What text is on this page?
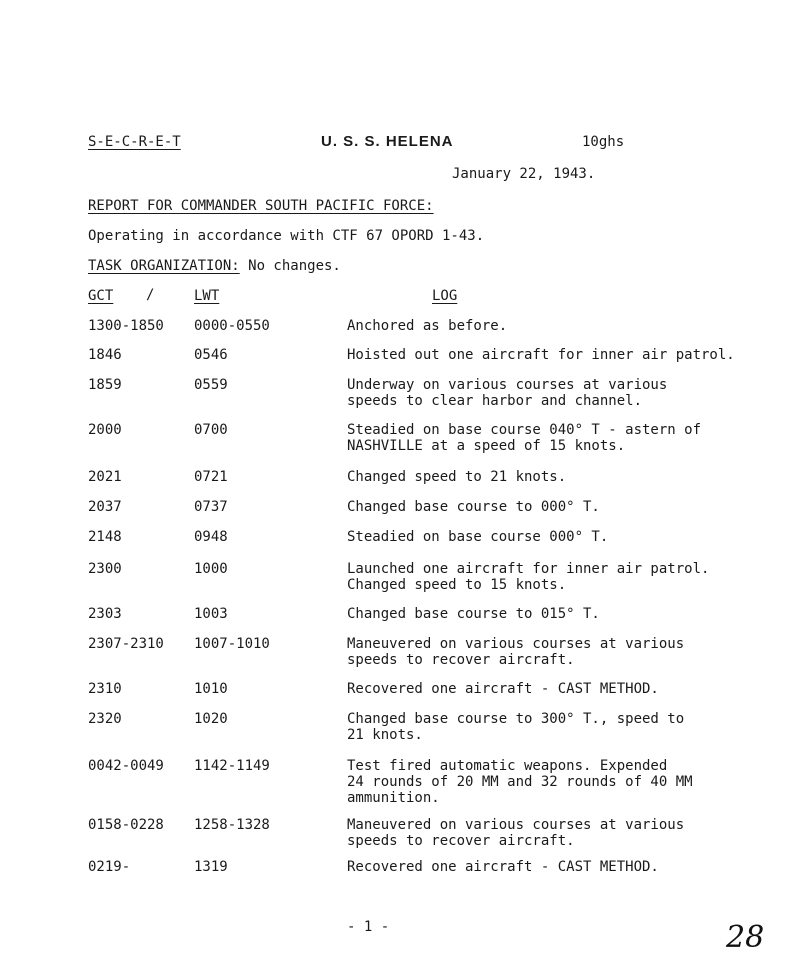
S-E-C-R-E-T	U. S. S. HELENA	10ghs
January 22, 1943.
REPORT FOR COMMANDER SOUTH PACIFIC FORCE:
Operating in accordance with CTF 67 OPORD 1-43.
TASK ORGANIZATION: No changes.
GCT /	LWT	LOG
1300-1850 0000-0550	Anchored as before.
1846	0546	Hoisted out one aircraft for inner air patrol.
1859	0559	Underway on various courses at various
speeds to clear harbor and channel.
2000	0700	Steadied on base course 040° T - astern of
NASHVILLE at a speed of 15 knots.
2021	0721	Changed speed to 21 knots.
2037	0737	Changed base course to 000° T.
2148	0948	Steadied on base course 000° T.
2300	1000	Launched one aircraft for inner air patrol.
Changed speed to 15 knots.
2303	1003	Changed base course to 015° T.
2307-2310 1007-1010	Maneuvered on various courses at various
speeds to recover aircraft.
2310	1010	Recovered one aircraft - CAST METHOD.
2320	1020	Changed base course to 300° T., speed to
21 knots.
0042-0049 1142-1149	Test fired automatic weapons. Expended
24 rounds of 20 MM and 32 rounds of 40 MM
ammunition.
0158-0228 1258-1328	Maneuvered on various courses at various
speeds to recover aircraft.
0219-	1319	Recovered one aircraft - CAST METHOD.
- 1 -	28
